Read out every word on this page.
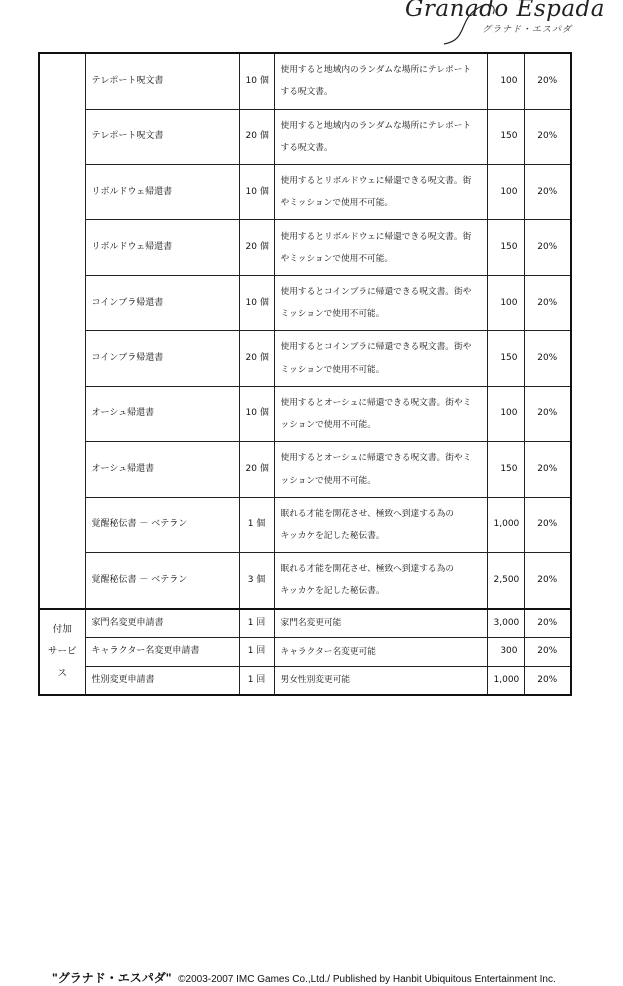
Granado Espada
グラナド・エスパダ
	テレポート呪文書	10 個	使用すると地域内のランダムな場所にテレポート
する呪文書。	100	20%
	テレポート呪文書	20 個	使用すると地域内のランダムな場所にテレポート
する呪文書。	150	20%
	リボルドウェ帰還書	10 個	使用するとリボルドウェに帰還できる呪文書。街
やミッションで使用不可能。	100	20%
	リボルドウェ帰還書	20 個	使用するとリボルドウェに帰還できる呪文書。街
やミッションで使用不可能。	150	20%
	コインブラ帰還書	10 個	使用するとコインブラに帰還できる呪文書。街や
ミッションで使用不可能。	100	20%
	コインブラ帰還書	20 個	使用するとコインブラに帰還できる呪文書。街や
ミッションで使用不可能。	150	20%
	オーシュ帰還書	10 個	使用するとオーシュに帰還できる呪文書。街やミ
ッションで使用不可能。	100	20%
	オーシュ帰還書	20 個	使用するとオーシュに帰還できる呪文書。街やミ
ッションで使用不可能。	150	20%
	覚醒秘伝書 － ベテラン	1 個	眠れる才能を開花させ、極致へ到達する為の
キッカケを記した秘伝書。	1,000	20%
	覚醒秘伝書 － ベテラン	3 個	眠れる才能を開花させ、極致へ到達する為の
キッカケを記した秘伝書。	2,500	20%

付加
サービス	家門名変更申請書	1 回	家門名変更可能	3,000	20%
	キャラクター名変更申請書	1 回	キャラクター名変更可能	300	20%
	性別変更申請書	1 回	男女性別変更可能	1,000	20%
"グラナド・エスパダ" ©2003-2007 IMC Games Co.,Ltd./ Published by Hanbit Ubiquitous Entertainment Inc.
